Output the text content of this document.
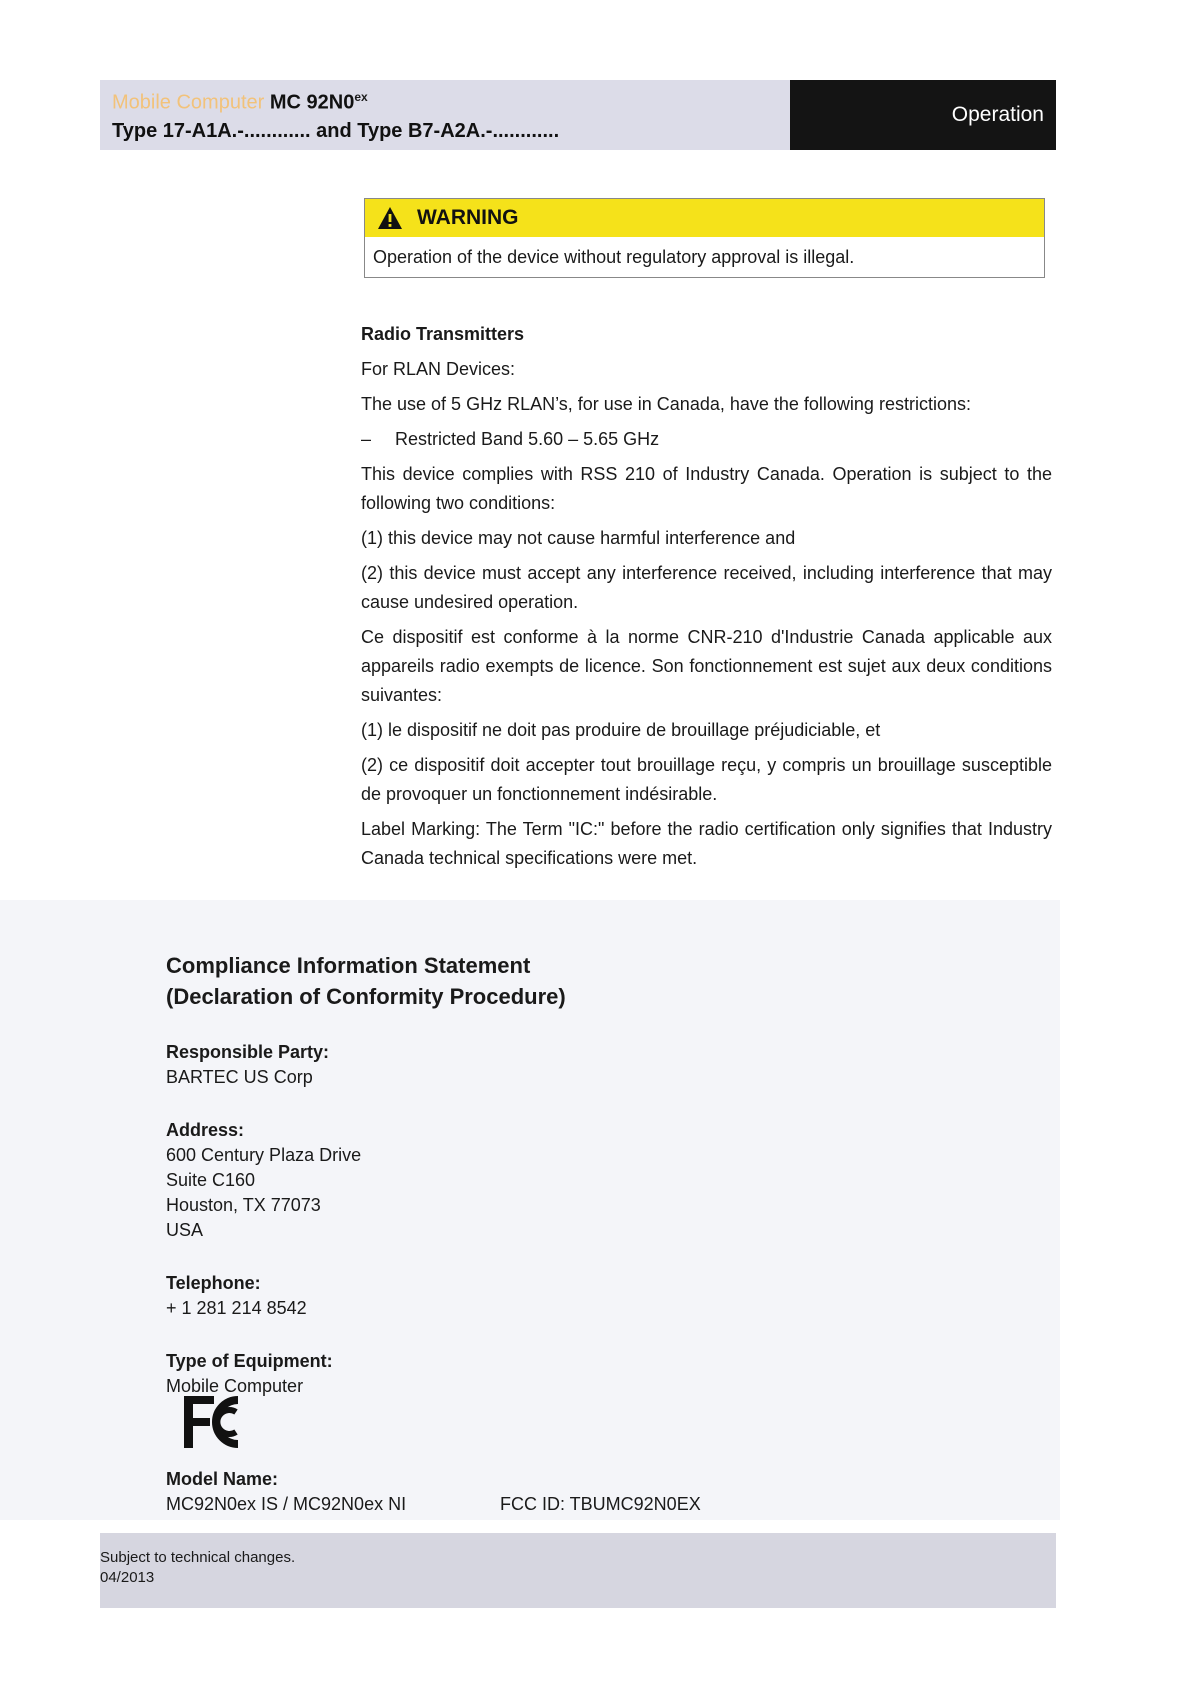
Mobile Computer MC $92N0^{ex}$
Type 17-A1A.-............ and Type B7-A2A.-............
Operation
WARNING
Operation of the device without regulatory approval is illegal.

Radio Transmitters

For RLAN Devices:

The use of 5 GHz RLAN’s, for use in Canada, have the following restrictions:

–	Restricted Band 5.60 – 5.65 GHz

This device complies with RSS 210 of Industry Canada. Operation is subject to the following two conditions:

(1) this device may not cause harmful interference and

(2) this device must accept any interference received, including interference that may cause undesired operation.

Ce dispositif est conforme à la norme CNR-210 d'Industrie Canada applicable aux appareils radio exempts de licence. Son fonctionnement est sujet aux deux conditions suivantes:

(1) le dispositif ne doit pas produire de brouillage préjudiciable, et

(2) ce dispositif doit accepter tout brouillage reçu, y compris un brouillage susceptible de provoquer un fonctionnement indésirable.

Label Marking: The Term "IC:" before the radio certification only signifies that Industry Canada technical specifications were met.

Compliance Information Statement
(Declaration of Conformity Procedure)
Responsible Party:
BARTEC US Corp
Address:
600 Century Plaza Drive
Suite C160
Houston, TX 77073
USA
Telephone:
+ 1 281 214 8542
Type of Equipment:
Mobile Computer
Model Name:
MC92N0ex IS / MC92N0ex NI	FCC ID: TBUMC92N0EX
Subject to technical changes.
04/2013
